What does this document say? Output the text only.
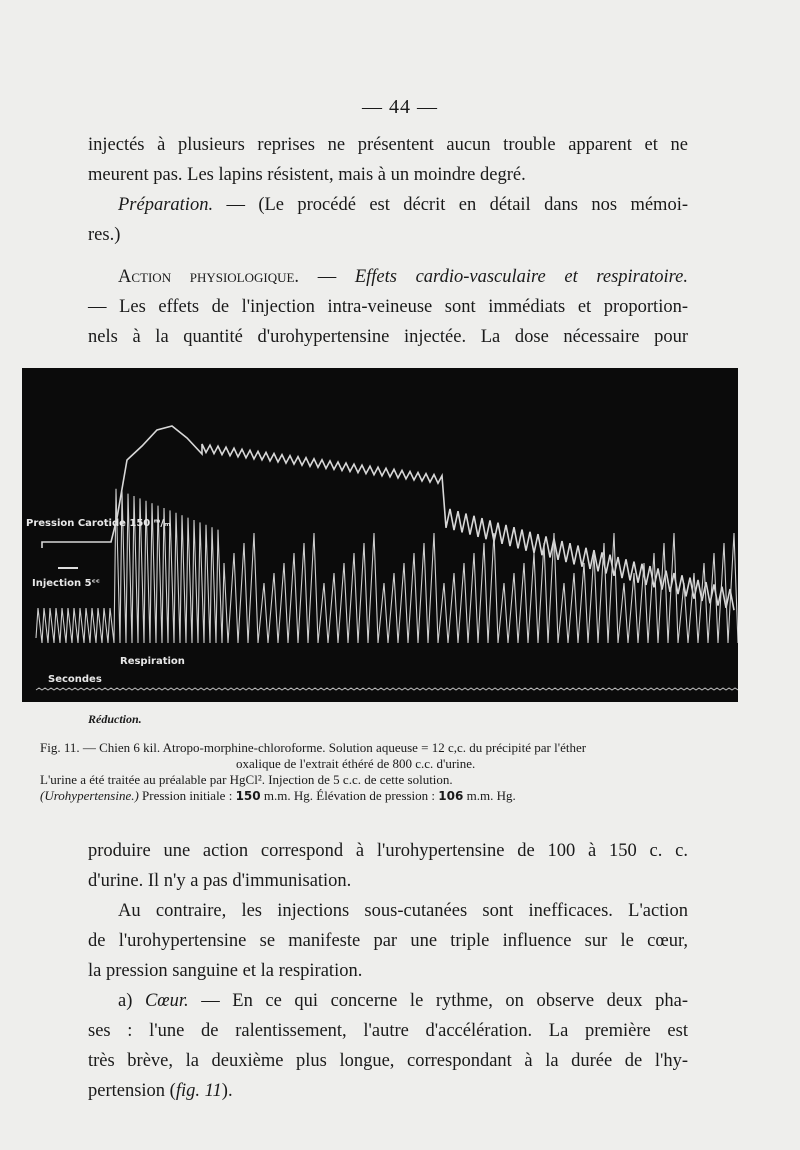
— 44 —
injectés à plusieurs reprises ne présentent aucun trouble apparent et ne
meurent pas. Les lapins résistent, mais à un moindre degré.
Préparation. — (Le procédé est décrit en détail dans nos mémoi-
res.)
Action physiologique. — Effets cardio-vasculaire et respiratoire.
— Les effets de l'injection intra-veineuse sont immédiats et proportion-
nels à la quantité d'urohypertensine injectée. La dose nécessaire pour
Pression Carotide 150 ᵐ/ₘ
Injection 5ᶜᶜ
Respiration
Secondes
Réduction.
Fig. 11. — Chien 6 kil. Atropo-morphine-chloroforme. Solution aqueuse = 12 c,c. du précipité par l'éther
oxalique de l'extrait éthéré de 800 c.c. d'urine.
L'urine a été traitée au préalable par HgCl². Injection de 5 c.c. de cette solution.
(Urohypertensine.) Pression initiale : 150 m.m. Hg. Élévation de pression : 106 m.m. Hg.
produire une action correspond à l'urohypertensine de 100 à 150 c. c.
d'urine. Il n'y a pas d'immunisation.
Au contraire, les injections sous-cutanées sont inefficaces. L'action
de l'urohypertensine se manifeste par une triple influence sur le cœur,
la pression sanguine et la respiration.
a) Cœur. — En ce qui concerne le rythme, on observe deux pha-
ses : l'une de ralentissement, l'autre d'accélération. La première est
très brève, la deuxième plus longue, correspondant à la durée de l'hy-
pertension (fig. 11).
